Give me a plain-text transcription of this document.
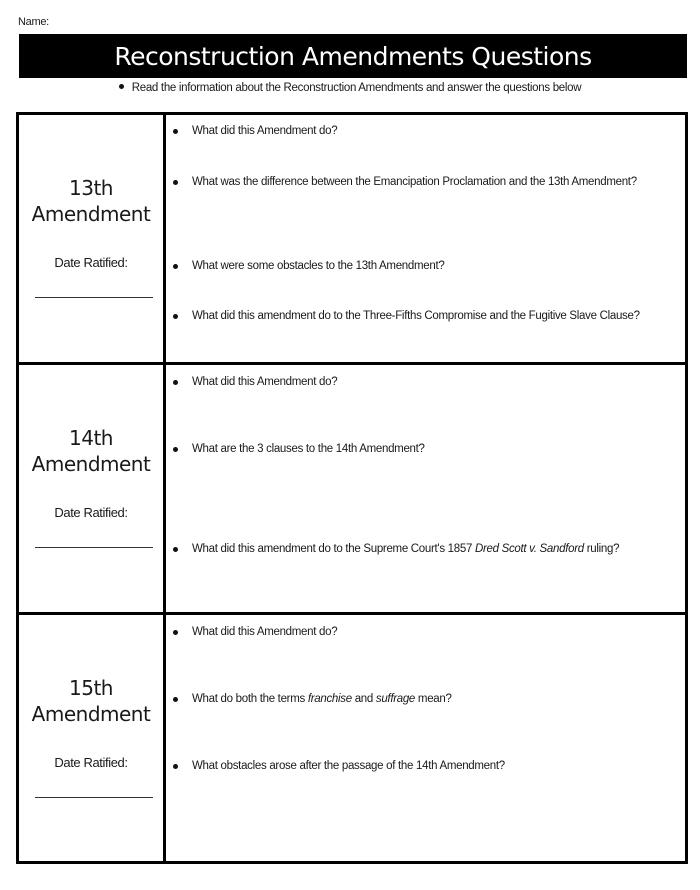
Name:
Reconstruction Amendments Questions
Read the information about the Reconstruction Amendments and answer the questions below
13th
Amendment
Date Ratified:
What did this Amendment do?
What was the difference between the Emancipation Proclamation and the 13th Amendment?
What were some obstacles to the 13th Amendment?
What did this amendment do to the Three-Fifths Compromise and the Fugitive Slave Clause?
14th
Amendment
Date Ratified:
What did this Amendment do?
What are the 3 clauses to the 14th Amendment?
What did this amendment do to the Supreme Court's 1857 Dred Scott v. Sandford ruling?
15th
Amendment
Date Ratified:
What did this Amendment do?
What do both the terms franchise and suffrage mean?
What obstacles arose after the passage of the 14th Amendment?
